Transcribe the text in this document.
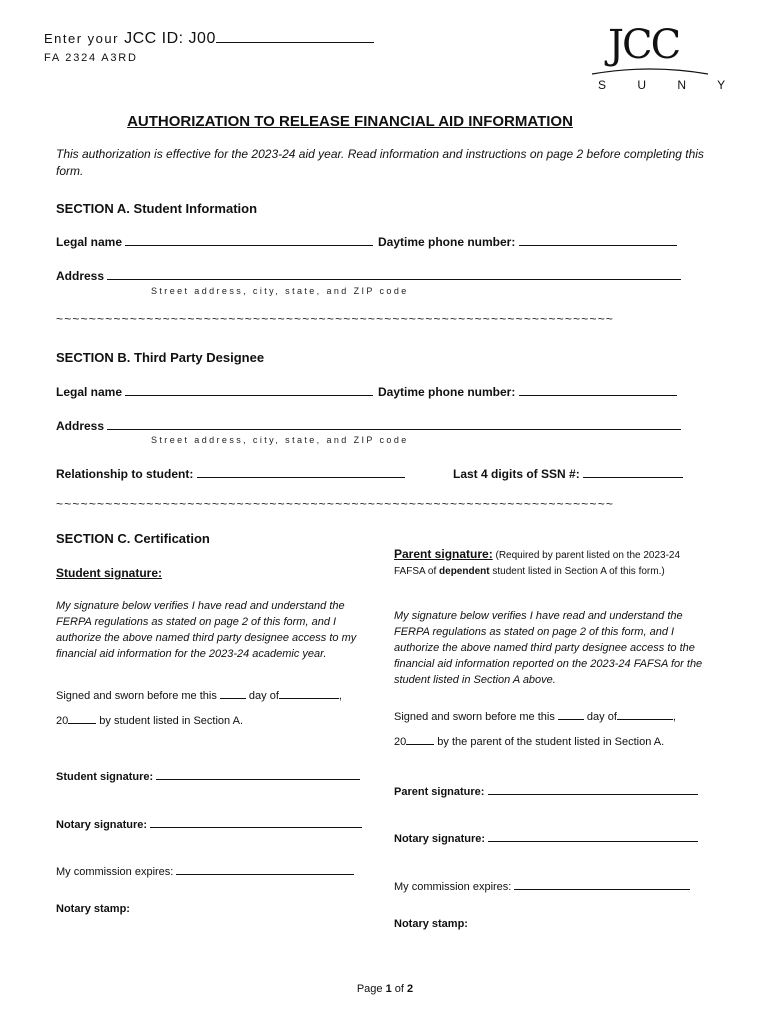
Enter your JCC ID: J00
FA 2324 A3RD	JCC
S U N Y
AUTHORIZATION TO RELEASE FINANCIAL AID INFORMATION
This authorization is effective for the 2023-24 aid year. Read information and instructions on page 2 before completing this form.
SECTION A. Student Information
Legal name	Daytime phone number:
Address
Street address, city, state, and ZIP code
~~~~~~~~~~~~~~~~~~~~~~~~~~~~~~~~~~~~~~~~~~~~~~~~~~~~~~~~~~~~~~~~~~~~
SECTION B. Third Party Designee
Legal name	Daytime phone number:
Address
Street address, city, state, and ZIP code
Relationship to student:	Last 4 digits of SSN #:
~~~~~~~~~~~~~~~~~~~~~~~~~~~~~~~~~~~~~~~~~~~~~~~~~~~~~~~~~~~~~~~~~~~~
SECTION C. Certification
Student signature:
My signature below verifies I have read and understand the FERPA regulations as stated on page 2 of this form, and I authorize the above named third party designee access to my financial aid information for the 2023-24 academic year.
Signed and sworn before me this  day of	,
20	by student listed in Section A.
Student signature:
Notary signature:
My commission expires:
Notary stamp:
Parent signature: (Required by parent listed on the 2023-24 FAFSA of dependent student listed in Section A of this form.)
My signature below verifies I have read and understand the FERPA regulations as stated on page 2 of this form, and I authorize the above named third party designee access to the financial aid information reported on the 2023-24 FAFSA for the student listed in Section A above.
Signed and sworn before me this  day of	,
20	by the parent of the student listed in Section A.
Parent signature:
Notary signature:
My commission expires:
Notary stamp:
Page 1 of 2
